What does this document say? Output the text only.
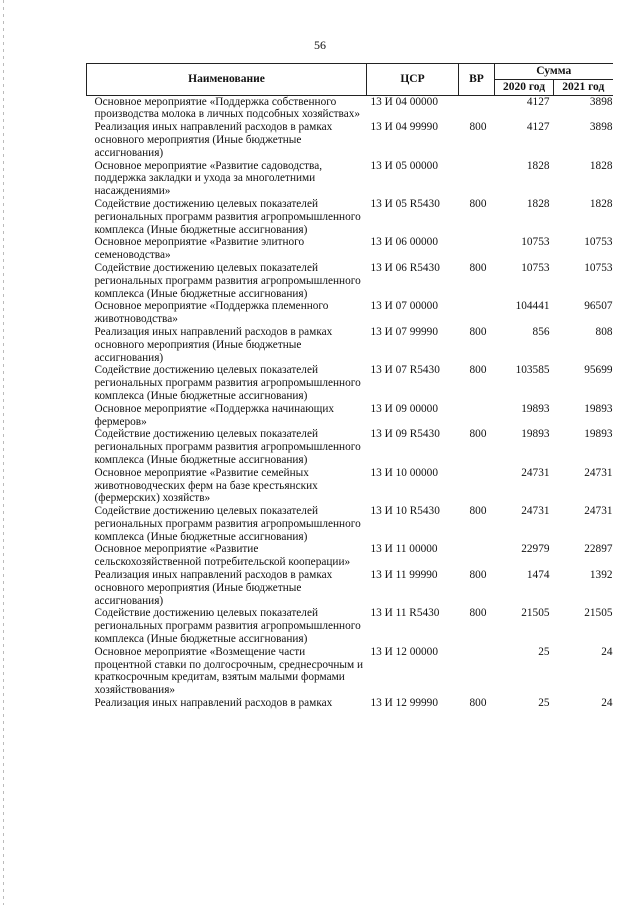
56
Наименование	ЦСР	ВР	Сумма	
			2020 год	2021 год
Основное мероприятие «Поддержка собственного производства молока в личных подсобных хозяйствах»	13 И 04 00000		4127	3898
Реализация иных направлений расходов в рамках основного мероприятия (Иные бюджетные ассигнования)	13 И 04 99990	800	4127	3898
Основное мероприятие «Развитие садоводства, поддержка закладки и ухода за многолетними насаждениями»	13 И 05 00000		1828	1828
Содействие достижению целевых показателей региональных программ развития агропромышленного комплекса (Иные бюджетные ассигнования)	13 И 05 R5430	800	1828	1828
Основное мероприятие «Развитие элитного семеноводства»	13 И 06 00000		10753	10753
Содействие достижению целевых показателей региональных программ развития агропромышленного комплекса (Иные бюджетные ассигнования)	13 И 06 R5430	800	10753	10753
Основное мероприятие «Поддержка племенного животноводства»	13 И 07 00000		104441	96507
Реализация иных направлений расходов в рамках основного мероприятия (Иные бюджетные ассигнования)	13 И 07 99990	800	856	808
Содействие достижению целевых показателей региональных программ развития агропромышленного комплекса (Иные бюджетные ассигнования)	13 И 07 R5430	800	103585	95699
Основное мероприятие «Поддержка начинающих фермеров»	13 И 09 00000		19893	19893
Содействие достижению целевых показателей региональных программ развития агропромышленного комплекса (Иные бюджетные ассигнования)	13 И 09 R5430	800	19893	19893
Основное мероприятие «Развитие семейных животноводческих ферм на базе крестьянских (фермерских) хозяйств»	13 И 10 00000		24731	24731
Содействие достижению целевых показателей региональных программ развития агропромышленного комплекса (Иные бюджетные ассигнования)	13 И 10 R5430	800	24731	24731
Основное мероприятие «Развитие сельскохозяйственной потребительской кооперации»	13 И 11 00000		22979	22897
Реализация иных направлений расходов в рамках основного мероприятия (Иные бюджетные ассигнования)	13 И 11 99990	800	1474	1392
Содействие достижению целевых показателей региональных программ развития агропромышленного комплекса (Иные бюджетные ассигнования)	13 И 11 R5430	800	21505	21505
Основное мероприятие «Возмещение части процентной ставки по долгосрочным, среднесрочным и краткосрочным кредитам, взятым малыми формами хозяйствования»	13 И 12 00000		25	24
Реализация иных направлений расходов в рамках	13 И 12 99990	800	25	24
